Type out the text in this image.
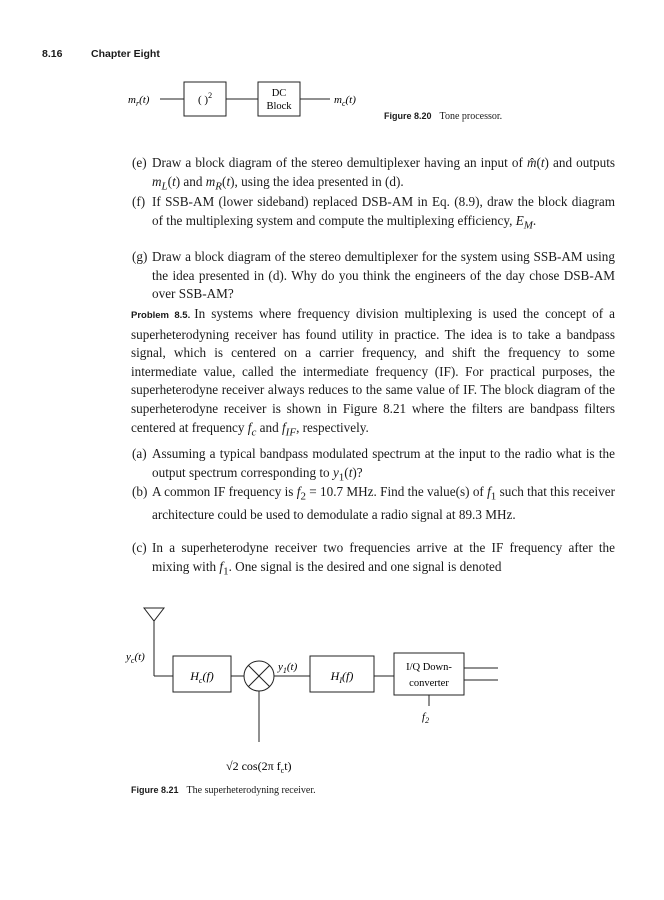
8.16	Chapter Eight
$m_r(t)$	( )$^2$	DC
Block
$m_c(t)$
Figure 8.20 Tone processor.
(e) Draw a block diagram of the stereo demultiplexer having an input of m̂(t) and outputs $m_L(t)$ and $m_R(t)$, using the idea presented in (d).
(f) If SSB-AM (lower sideband) replaced DSB-AM in Eq. (8.9), draw the block diagram of the multiplexing system and compute the multiplexing efficiency, $E_M$.
(g) Draw a block diagram of the stereo demultiplexer for the system using SSB-AM using the idea presented in (d). Why do you think the engineers of the day chose DSB-AM over SSB-AM?
Problem 8.5. In systems where frequency division multiplexing is used the concept of a superheterodyning receiver has found utility in practice. The idea is to take a bandpass signal, which is centered on a carrier frequency, and shift the frequency to some intermediate value, called the intermediate frequency (IF). For practical purposes, the superheterodyne receiver always reduces to the same value of IF. The block diagram of the superheterodyne receiver is shown in Figure 8.21 where the filters are bandpass filters centered at frequency $f_c$ and $f_{IF}$, respectively.
(a) Assuming a typical bandpass modulated spectrum at the input to the radio what is the output spectrum corresponding to $y_1(t)$?
(b) A common IF frequency is $f_2 = 10.7$ MHz. Find the value(s) of $f_1$ such that this receiver architecture could be used to demodulate a radio signal at 89.3 MHz.
(c) In a superheterodyne receiver two frequencies arrive at the IF frequency after the mixing with $f_1$. One signal is the desired and one signal is denoted
$y_c(t)$
$H_c(f)$
$y_1(t)$
$H_I(f)$
I/Q Down-
converter
$f_2$
√2 cos(2π $f_ct$)
Figure 8.21 The superheterodyning receiver.
